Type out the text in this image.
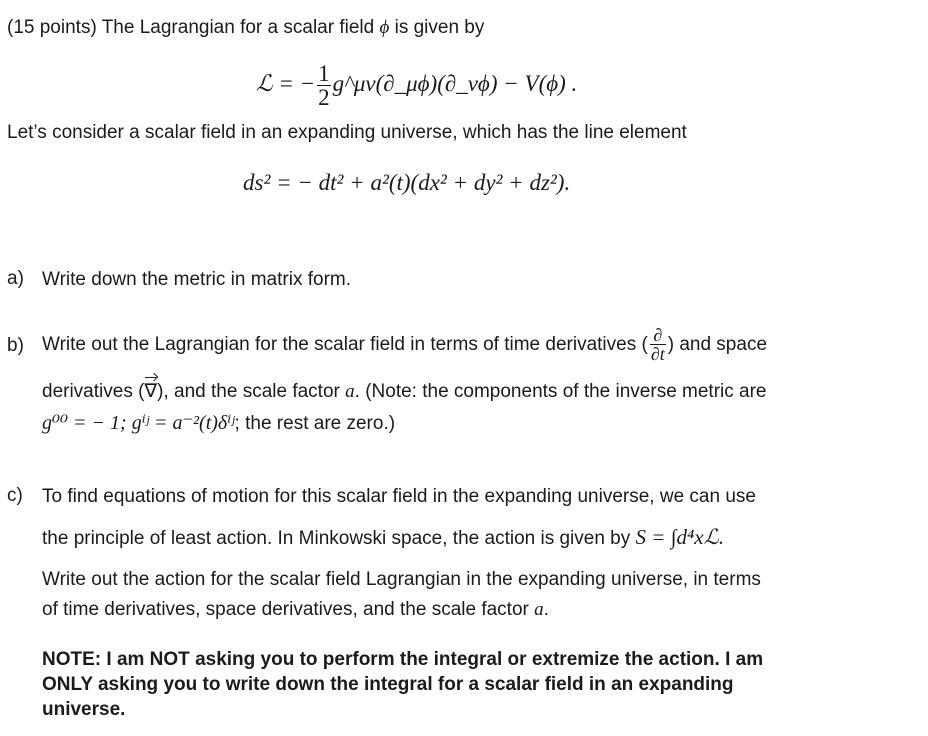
(15 points) The Lagrangian for a scalar field ϕ is given by
ℒ = − $\frac{1}{2}$ g^μν(∂_μϕ)(∂_νϕ) − V(ϕ) .
Let’s consider a scalar field in an expanding universe, which has the line element
ds² = − dt² + a²(t)(dx² + dy² + dz²).
a) Write down the metric in matrix form.
b) Write out the Lagrangian for the scalar field in terms of time derivatives ( $\frac{\partial}{\partial t}$ ) and space
derivatives (∇), and the scale factor a. (Note: the components of the inverse metric are
g⁰⁰ = − 1; gⁱʲ = a⁻²(t)δⁱʲ; the rest are zero.)
c) To find equations of motion for this scalar field in the expanding universe, we can use
the principle of least action. In Minkowski space, the action is given by S = ∫d⁴xℒ.
Write out the action for the scalar field Lagrangian in the expanding universe, in terms
of time derivatives, space derivatives, and the scale factor a.
NOTE: I am NOT asking you to perform the integral or extremize the action. I am
ONLY asking you to write down the integral for a scalar field in an expanding
universe.
